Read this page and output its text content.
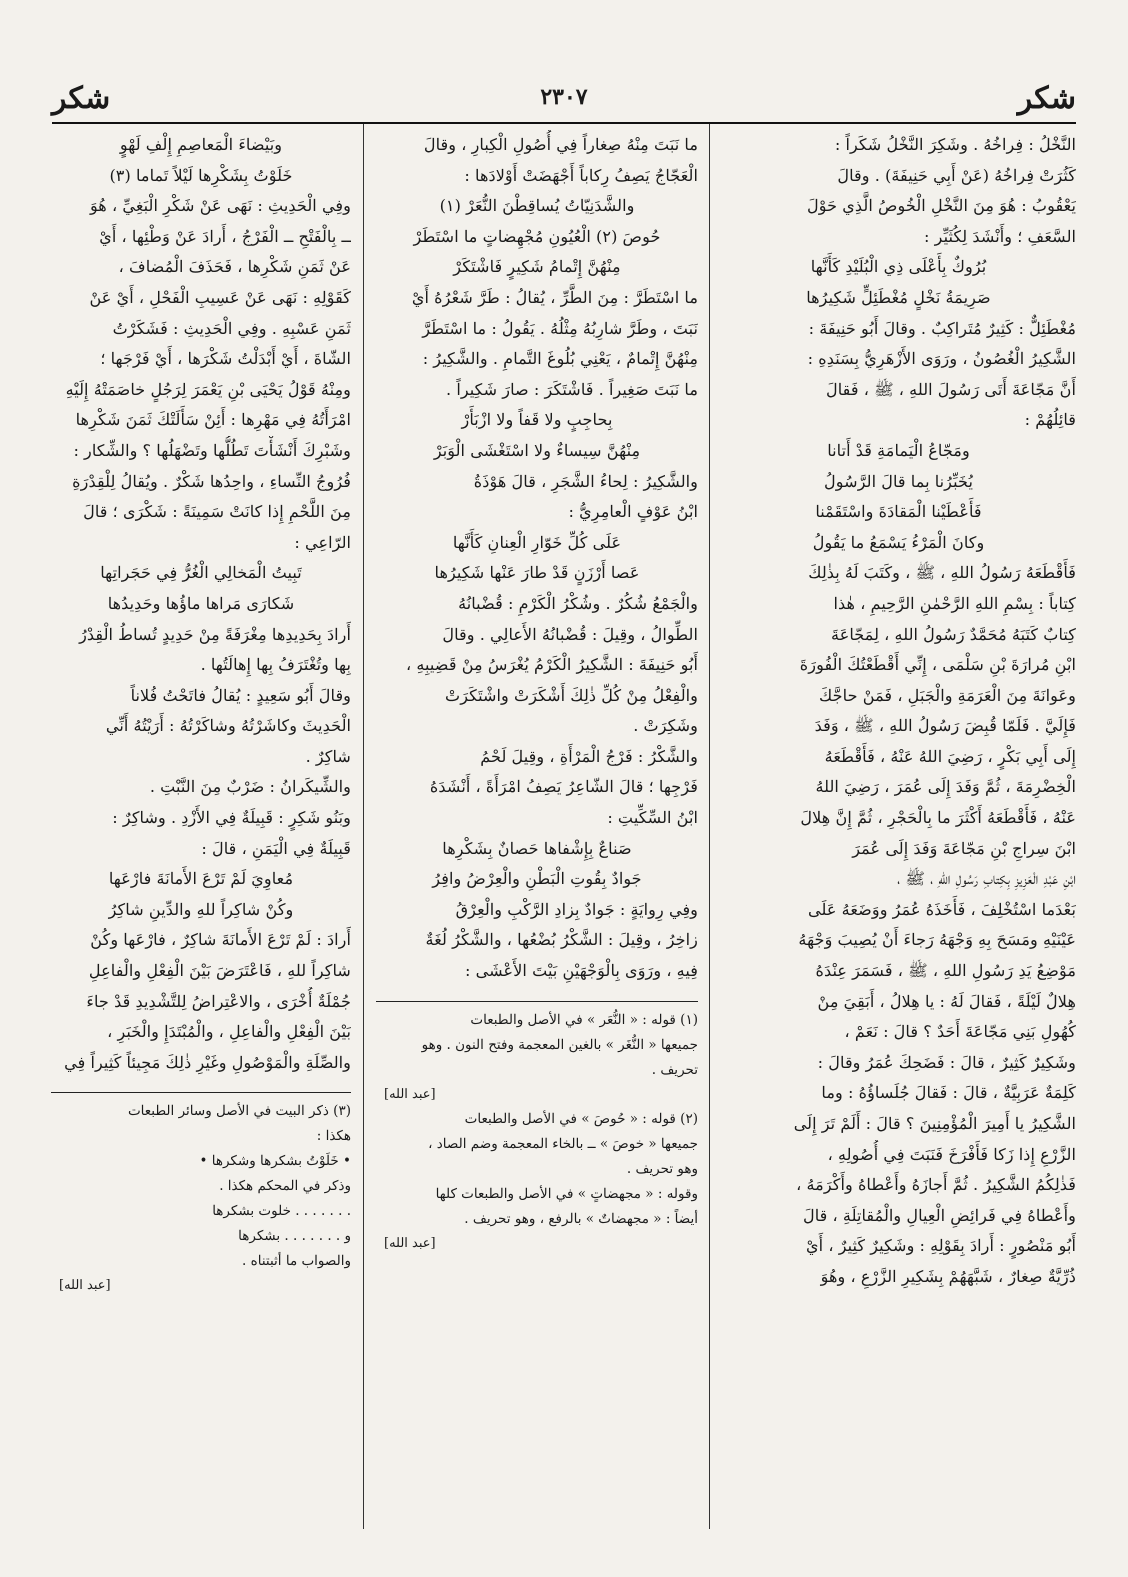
شكر
٢٣٠٧
شكر
النَّخْلُ : فِراخُهُ . وشَكِرَ النَّخْلُ شَكَراً :
كَثُرَتْ فِراخُهُ (عَنْ أَبِي حَنِيفَةَ) . وقالَ
يَعْقُوبُ : هُوَ مِنَ النَّخْلِ الْخُوصُ الَّذِي حَوْلَ
السَّعَفِ ؛ وأَنْشَدَ لِكُثَيِّر :
بُرُوكٌ بِأَعْلَى ذِي الْبُلَيْدِ كَأَنَّها
صَرِيمَةُ نَخْلٍ مُغْطَئِلٍّ شَكِيرُها
مُغْطَئِلٌّ : كَثِيرٌ مُتَراكِبٌ . وقالَ أَبُو حَنِيفَةَ :
الشَّكِيرُ الْغُصُونُ ، ورَوَى الأَزْهَرِيُّ بِسَنَدِهِ :
أَنَّ مَجّاعَةَ أَتَى رَسُولَ اللهِ ، ﷺ ، فَقالَ
قائِلُهُمْ :
ومَجّاعُ الْيَمامَةِ قَدْ أَتانا
يُخَبِّرُنا بِما قالَ الرَّسُولُ
فَأَعْطَيْنا الْمَقادَةَ واسْتَقَمْنا
وكانَ الْمَرْءُ يَسْمَعُ ما يَقُولُ
فَأَقْطَعَهُ رَسُولُ اللهِ ، ﷺ ، وكَتَبَ لَهُ بِذٰلِكَ
كِتاباً : بِسْمِ اللهِ الرَّحْمٰنِ الرَّحِيمِ ، هٰذا
كِتابٌ كَتَبَهُ مُحَمَّدٌ رَسُولُ اللهِ ، لِمَجّاعَةَ
ابْنِ مُرارَةَ بْنِ سَلْمَى ، إِنِّي أَقْطَعْتُكَ الْفُورَةَ
وعَوانَةَ مِنَ الْعَرَمَةِ والْجَبَلِ ، فَمَنْ حاجَّكَ
فَإِلَيَّ . فَلَمّا قُبِضَ رَسُولُ اللهِ ، ﷺ ، وَفَدَ
إِلَى أَبِي بَكْرٍ ، رَضِيَ اللهُ عَنْهُ ، فَأَقْطَعَهُ
الْخِضْرِمَةَ ، ثُمَّ وَفَدَ إِلَى عُمَرَ ، رَضِيَ اللهُ
عَنْهُ ، فَأَقْطَعَهُ أَكْثَرَ ما بِالْحَجْرِ ، ثُمَّ إِنَّ هِلالَ
ابْنَ سِراجِ بْنِ مَجّاعَةَ وَفَدَ إِلَى عُمَرَ
ابْنِ عَبْدِ الْعَزِيزِ بِكِتابِ رَسُولِ اللهِ ، ﷺ ،
بَعْدَما اسْتُخْلِفَ ، فَأَخَذَهُ عُمَرُ ووَضَعَهُ عَلَى
عَيْنَيْهِ ومَسَحَ بِهِ وَجْهَهُ رَجاءَ أَنْ يُصِيبَ وَجْهَهُ
مَوْضِعُ يَدِ رَسُولِ اللهِ ، ﷺ ، فَسَمَرَ عِنْدَهُ
هِلالٌ لَيْلَةً ، فَقالَ لَهُ : يا هِلالُ ، أَبَقِيَ مِنْ
كُهُولِ بَنِي مَجّاعَةَ أَحَدٌ ؟ قالَ : نَعَمْ ،
وشَكِيرٌ كَثِيرٌ ، قالَ : فَضَحِكَ عُمَرُ وقالَ :
كَلِمَةٌ عَرَبِيَّةٌ ، قالَ : فَقالَ جُلَساؤُهُ : وما
الشَّكِيرُ يا أَمِيرَ الْمُؤْمِنِينَ ؟ قالَ : أَلَمْ تَرَ إِلَى
الزَّرْعِ إِذا زَكا فَأَفْرَخَ فَنَبَتَ فِي أُصُولِهِ ،
فَذٰلِكُمُ الشَّكِيرُ . ثُمَّ أَجازَهُ وأَعْطاهُ وأَكْرَمَهُ ،
وأَعْطاهُ فِي فَرائِضِ الْعِيالِ والْمُقاتِلَةِ ، قالَ
أَبُو مَنْصُورٍ : أَرادَ بِقَوْلِهِ : وشَكِيرٌ كَثِيرٌ ، أَيْ
ذُرِّيَّةٌ صِغارٌ ، شَبَّهَهُمْ بِشَكِيرِ الزَّرْعِ ، وهُوَ
ما نَبَتَ مِنْهُ صِغاراً فِي أُصُولِ الْكِبارِ ، وقالَ
الْعَجّاجُ يَصِفُ رِكاباً أَجْهَضَتْ أَوْلادَها :
والشَّدَنِيّاتُ يُساقِطْنَ النُّعَرْ (١)
حُوصَ (٢) الْعُيُونِ مُجْهِضاتٍ ما اسْتَطَرْ
مِنْهُنَّ إِتْمامُ شَكِيرٍ فَاشْتَكَرْ
ما اسْتَطَرَّ : مِنَ الطَّرِّ ، يُقالُ : طَرَّ شَعْرُهُ أَيْ
نَبَتَ ، وطَرَّ شارِبُهُ مِثْلُهُ . يَقُولُ : ما اسْتَطَرَّ
مِنْهُنَّ إِتْمامٌ ، يَعْنِي بُلُوغَ التَّمامِ . والشَّكِيرُ :
ما نَبَتَ صَغِيراً . فَاشْتَكَرَ : صارَ شَكِيراً .
بِحاجِبٍ ولا قَفاً ولا ازْبَأَرْ
مِنْهُنَّ سِيساءٌ ولا اسْتَغْشَى الْوَبَرْ
والشَّكِيرُ : لِحاءُ الشَّجَرِ ، قالَ هَوْذَةُ
ابْنُ عَوْفٍ الْعامِرِيُّ :
عَلَى كُلِّ خَوّارِ الْعِنانِ كَأَنَّها
عَصا أَرْزَنٍ قَدْ طارَ عَنْها شَكِيرُها
والْجَمْعُ شُكُرٌ . وشُكْرُ الْكَرْمِ : قُضْبانُهُ
الطِّوالُ ، وقِيلَ : قُضْبانُهُ الأَعالِي . وقالَ
أَبُو حَنِيفَةَ : الشَّكِيرُ الْكَرْمُ يُغْرَسُ مِنْ قَضِيبِهِ ،
والْفِعْلُ مِنْ كُلِّ ذٰلِكَ أَشْكَرَتْ واشْتَكَرَتْ
وشَكِرَتْ .
والشَّكْرُ : فَرْجُ الْمَرْأَةِ ، وقِيلَ لَحْمُ
فَرْجِها ؛ قالَ الشّاعِرُ يَصِفُ امْرَأَةً ، أَنْشَدَهُ
ابْنُ السِّكِّيتِ :
صَناعٌ بِإِشْفاها حَصانٌ بِشَكْرِها
جَوادٌ بِقُوتِ الْبَطْنِ والْعِرْضُ وافِرُ
وفِي رِوايَةٍ : جَوادٌ بِزادِ الرَّكْبِ والْعِرْقُ
زاخِرُ ، وقِيلَ : الشَّكْرُ بُضْعُها ، والشَّكْرُ لُغَةٌ
فِيهِ ، ورَوَى بِالْوَجْهَيْنِ بَيْتَ الأَعْشَى :
(١) قوله : « النُّعَر » في الأصل والطبعات
جميعها « النُّغَر » بالغين المعجمة وفتح النون . وهو
تحريف .
[عبد الله]
(٢) قوله : « حُوصَ » في الأصل والطبعات
جميعها « خوصَ » ــ بالخاء المعجمة وضم الصاد ،
وهو تحريف .
وقوله : « مجهضاتٍ » في الأصل والطبعات كلها
أيضاً : « مجهضاتٌ » بالرفع ، وهو تحريف .
[عبد الله]
وبَيْضاءَ الْمَعاصِمِ إِلْفِ لَهْوٍ
خَلَوْتُ بِشَكْرِها لَيْلاً تَماما (٣)
وفِي الْحَدِيثِ : نَهَى عَنْ شَكْرِ الْبَغِيِّ ، هُوَ
ــ بِالْفَتْحِ ــ الْفَرْجُ ، أَرادَ عَنْ وَطْئِها ، أَيْ
عَنْ ثَمَنِ شَكْرِها ، فَحَذَفَ الْمُضافَ ،
كَقَوْلِهِ : نَهَى عَنْ عَسِيبِ الْفَحْلِ ، أَيْ عَنْ
ثَمَنِ عَسْبِهِ . وفِي الْحَدِيثِ : فَشَكَرْتُ
الشّاةَ ، أَيْ أَبْدَلْتُ شَكْرَها ، أَيْ فَرْجَها ؛
ومِنْهُ قَوْلُ يَحْيَى بْنِ يَعْمَرَ لِرَجُلٍ خاصَمَتْهُ إِلَيْهِ
امْرَأَتُهُ فِي مَهْرِها : أَئِنْ سَأَلَتْكَ ثَمَنَ شَكْرِها
وشَبْرِكَ أَنْشَأْتَ تَطُلُّها وتَضْهَلُها ؟ والشِّكار :
فُرُوجُ النِّساءِ ، واحِدُها شَكْرٌ . ويُقالُ لِلْقِدْرَةِ
مِنَ اللَّحْمِ إِذا كانَتْ سَمِينَةً : شَكْرَى ؛ قالَ
الرّاعِي :
تَبِيتُ الْمَخالِي الْغُرُّ فِي حَجَراتِها
شَكارَى مَراها ماؤُها وحَدِيدُها
أَرادَ بِحَدِيدِها مِغْرَفَةً مِنْ حَدِيدٍ تُساطُ الْقِدْرُ
بِها وتُغْتَرَفُ بِها إِهالَتُها .
وقالَ أَبُو سَعِيدٍ : يُقالُ فاتَحْتُ فُلاناً
الْحَدِيثَ وكاشَرْتُهُ وشاكَرْتُهُ : أَرَيْتُهُ أَنِّي
شاكِرٌ .
والشِّيكَرانُ : ضَرْبٌ مِنَ النَّبْتِ .
وبَنُو شَكِرٍ : قَبِيلَةٌ فِي الأَزْدِ . وشاكِرٌ :
قَبِيلَةٌ فِي الْيَمَنِ ، قالَ :
مُعاوِيَ لَمْ تَرْعَ الأَمانَةَ فارْعَها
وكُنْ شاكِراً للهِ والدِّينِ شاكِرُ
أَرادَ : لَمْ تَرْعَ الأَمانَةَ شاكِرٌ ، فارْعَها وكُنْ
شاكِراً للهِ ، فَاعْتَرَضَ بَيْنَ الْفِعْلِ والْفاعِلِ
جُمْلَةٌ أُخْرَى ، والاعْتِراضُ لِلتَّشْدِيدِ قَدْ جاءَ
بَيْنَ الْفِعْلِ والْفاعِلِ ، والْمُبْتَدَإِ والْخَبَرِ ،
والصِّلَةِ والْمَوْصُولِ وغَيْرِ ذٰلِكَ مَجِيئاً كَثِيراً فِي
(٣) ذكر البيت في الأصل وسائر الطبعات
هكذا :
• خَلَوْتُ بشكرها وشكرها •
وذكر في المحكم هكذا .
. . . . . . . خلوت بشكرها
و . . . . . . . بشكرها
والصواب ما أثبتناه .
[عبد الله]
